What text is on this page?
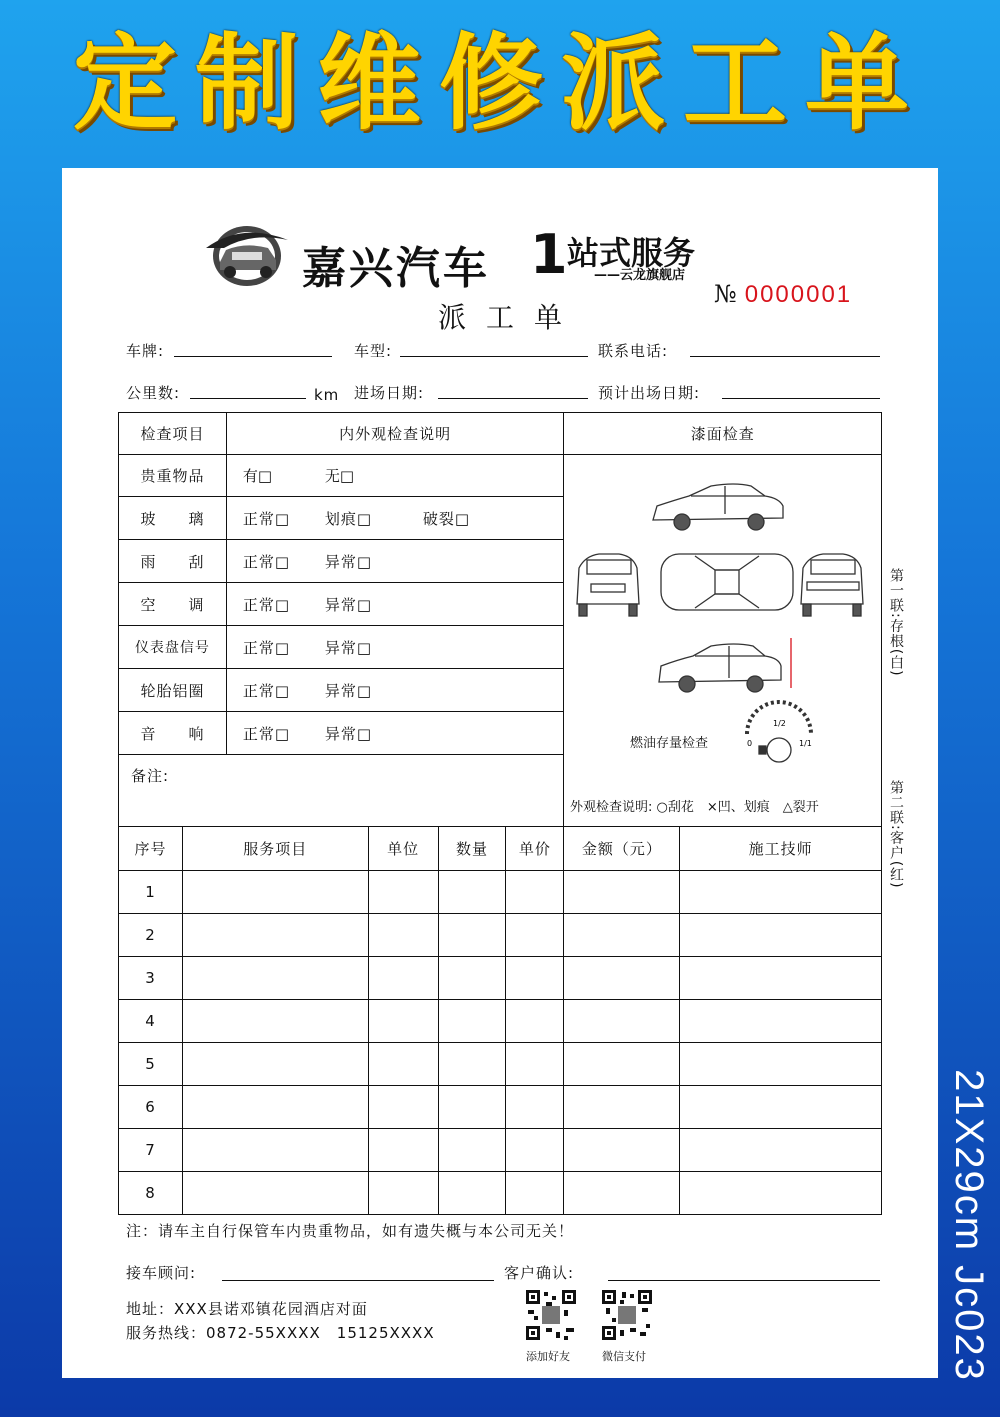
定制维修派工单
21X29cm Jc023
嘉兴汽车 1 站式服务
——云龙旗舰店
派工单
№ 0000001
车牌:	车型:	联系电话:
公里数:	km 进场日期:	预计出场日期:
检查项目	内外观检查说明	漆面检查
贵重物品	有□ 无□	
玻　　璃	正常□ 划痕□ 破裂□	
雨　　刮	正常□ 异常□	
空　　调	正常□ 异常□	
仪表盘信号	正常□ 异常□	
轮胎铝圈	正常□ 异常□	
音　　响	正常□ 异常□	
备注:		
0
1/2
1/1
燃油存量检查
外观检查说明: ○刮花　×凹、划痕　△裂开
第一联:存根(白)
第二联:客户(红)
序号	服务项目	单位	数量	单价	金额（元）	施工技师
1						
2						
3						
4						
5						
6						
7						
8						
注：请车主自行保管车内贵重物品，如有遗失概与本公司无关！
接车顾问:	客户确认:
地址：XXX县诺邓镇花园酒店对面
服务热线：0872-55XXXX　15125XXXX
添加好友	微信支付
